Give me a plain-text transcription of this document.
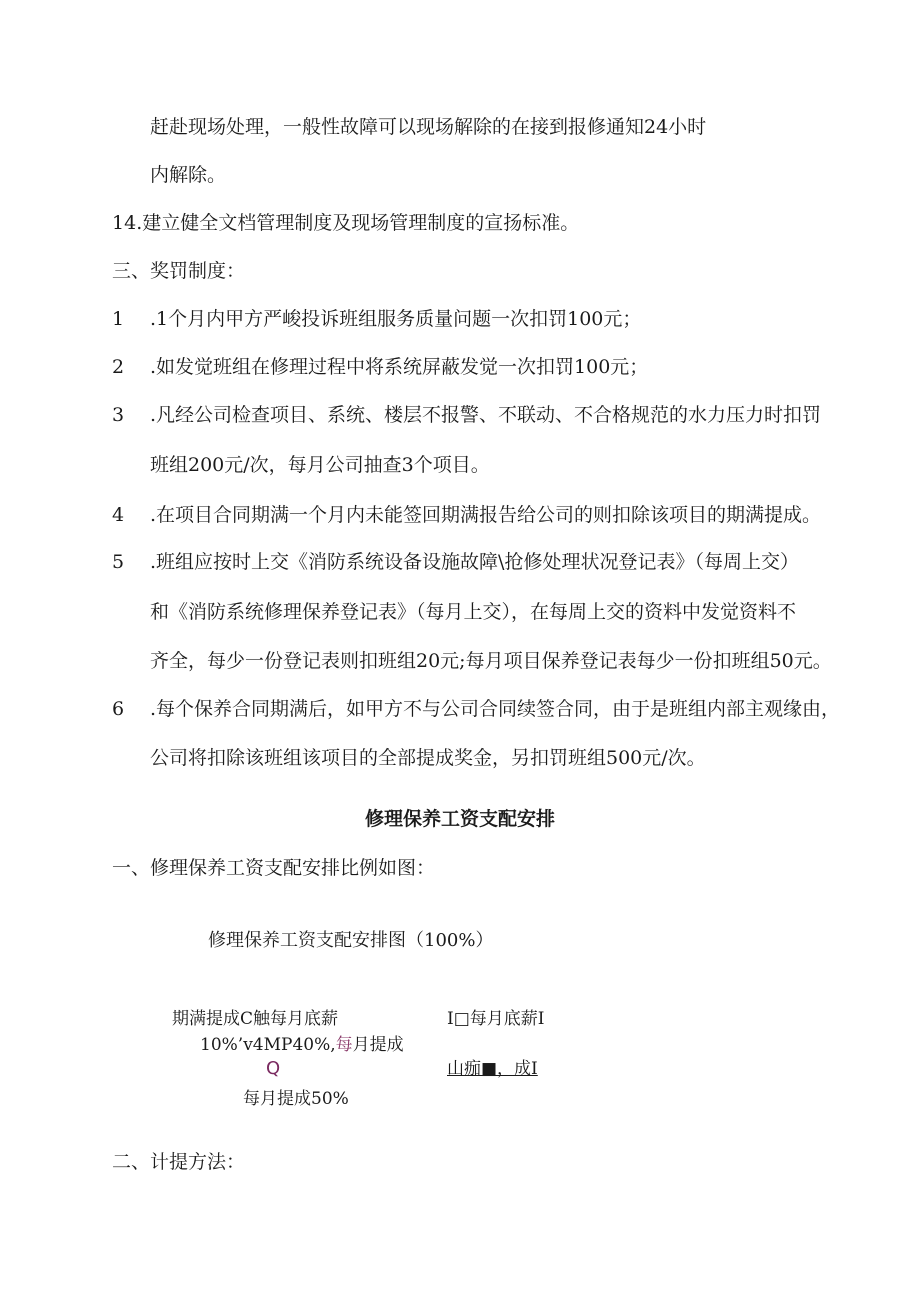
赶赴现场处理，一般性故障可以现场解除的在接到报修通知24小时
内解除。
14.建立健全文档管理制度及现场管理制度的宣扬标准。
三、奖罚制度：
1 .1个月内甲方严峻投诉班组服务质量问题一次扣罚100元；
2 .如发觉班组在修理过程中将系统屏蔽发觉一次扣罚100元；
3 .凡经公司检查项目、系统、楼层不报警、不联动、不合格规范的水力压力时扣罚
班组200元/次，每月公司抽查3个项目。
4 .在项目合同期满一个月内未能签回期满报告给公司的则扣除该项目的期满提成。
5 .班组应按时上交《消防系统设备设施故障\抢修处理状况登记表》（每周上交）
和《消防系统修理保养登记表》（每月上交），在每周上交的资料中发觉资料不
齐全，每少一份登记表则扣班组20元;每月项目保养登记表每少一份扣班组50元。
6 .每个保养合同期满后，如甲方不与公司合同续签合同，由于是班组内部主观缘由，
公司将扣除该班组该项目的全部提成奖金，另扣罚班组500元/次。
修理保养工资支配安排
一、修理保养工资支配安排比例如图：
修理保养工资支配安排图（100%）
期满提成C触每月底薪
10%’v4MP40%,每月提成
Q
每月提成50%
I□每月底薪I
山痂■，成I
二、计提方法：
